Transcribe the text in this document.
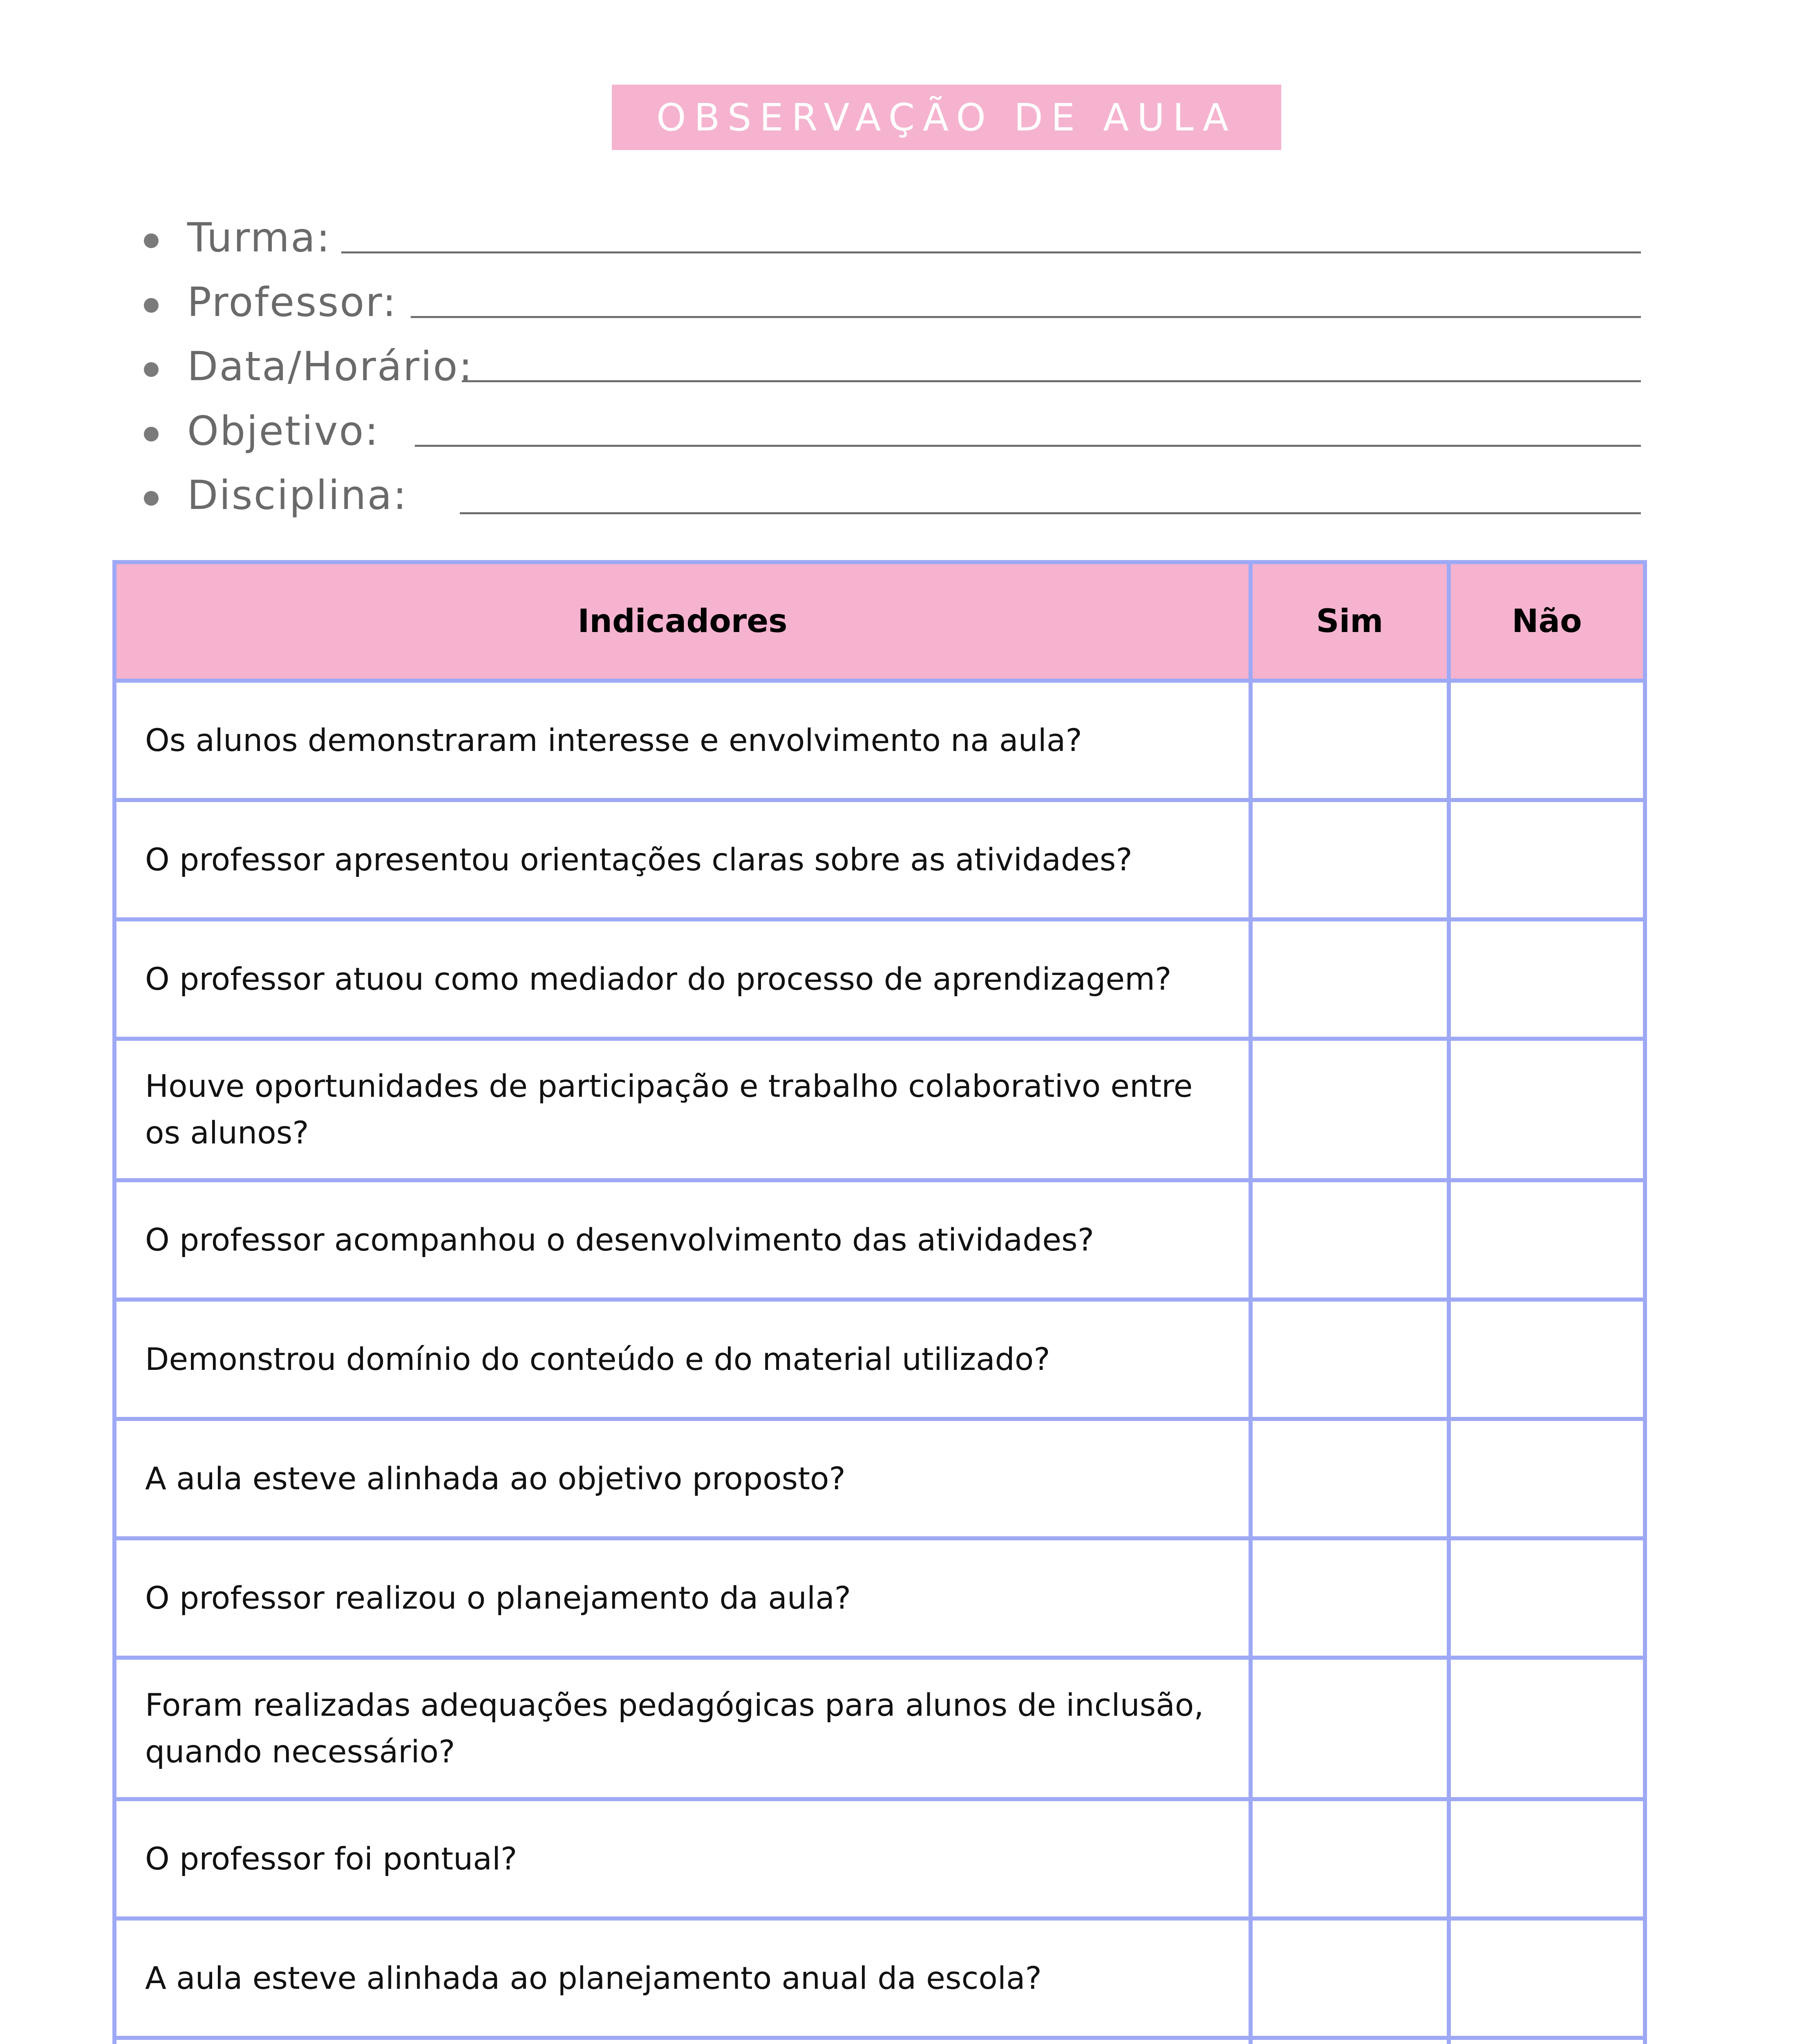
OBSERVAÇÃO DE AULA
Turma:
Professor:
Data/Horário:
Objetivo:
Disciplina:
Indicadores	Sim	Não
Os alunos demonstraram interesse e envolvimento na aula?		
O professor apresentou orientações claras sobre as atividades?		
O professor atuou como mediador do processo de aprendizagem?		
Houve oportunidades de participação e trabalho colaborativo entre os alunos?		
O professor acompanhou o desenvolvimento das atividades?		
Demonstrou domínio do conteúdo e do material utilizado?		
A aula esteve alinhada ao objetivo proposto?		
O professor realizou o planejamento da aula?		
Foram realizadas adequações pedagógicas para alunos de inclusão, quando necessário?		
O professor foi pontual?		
A aula esteve alinhada ao planejamento anual da escola?		
